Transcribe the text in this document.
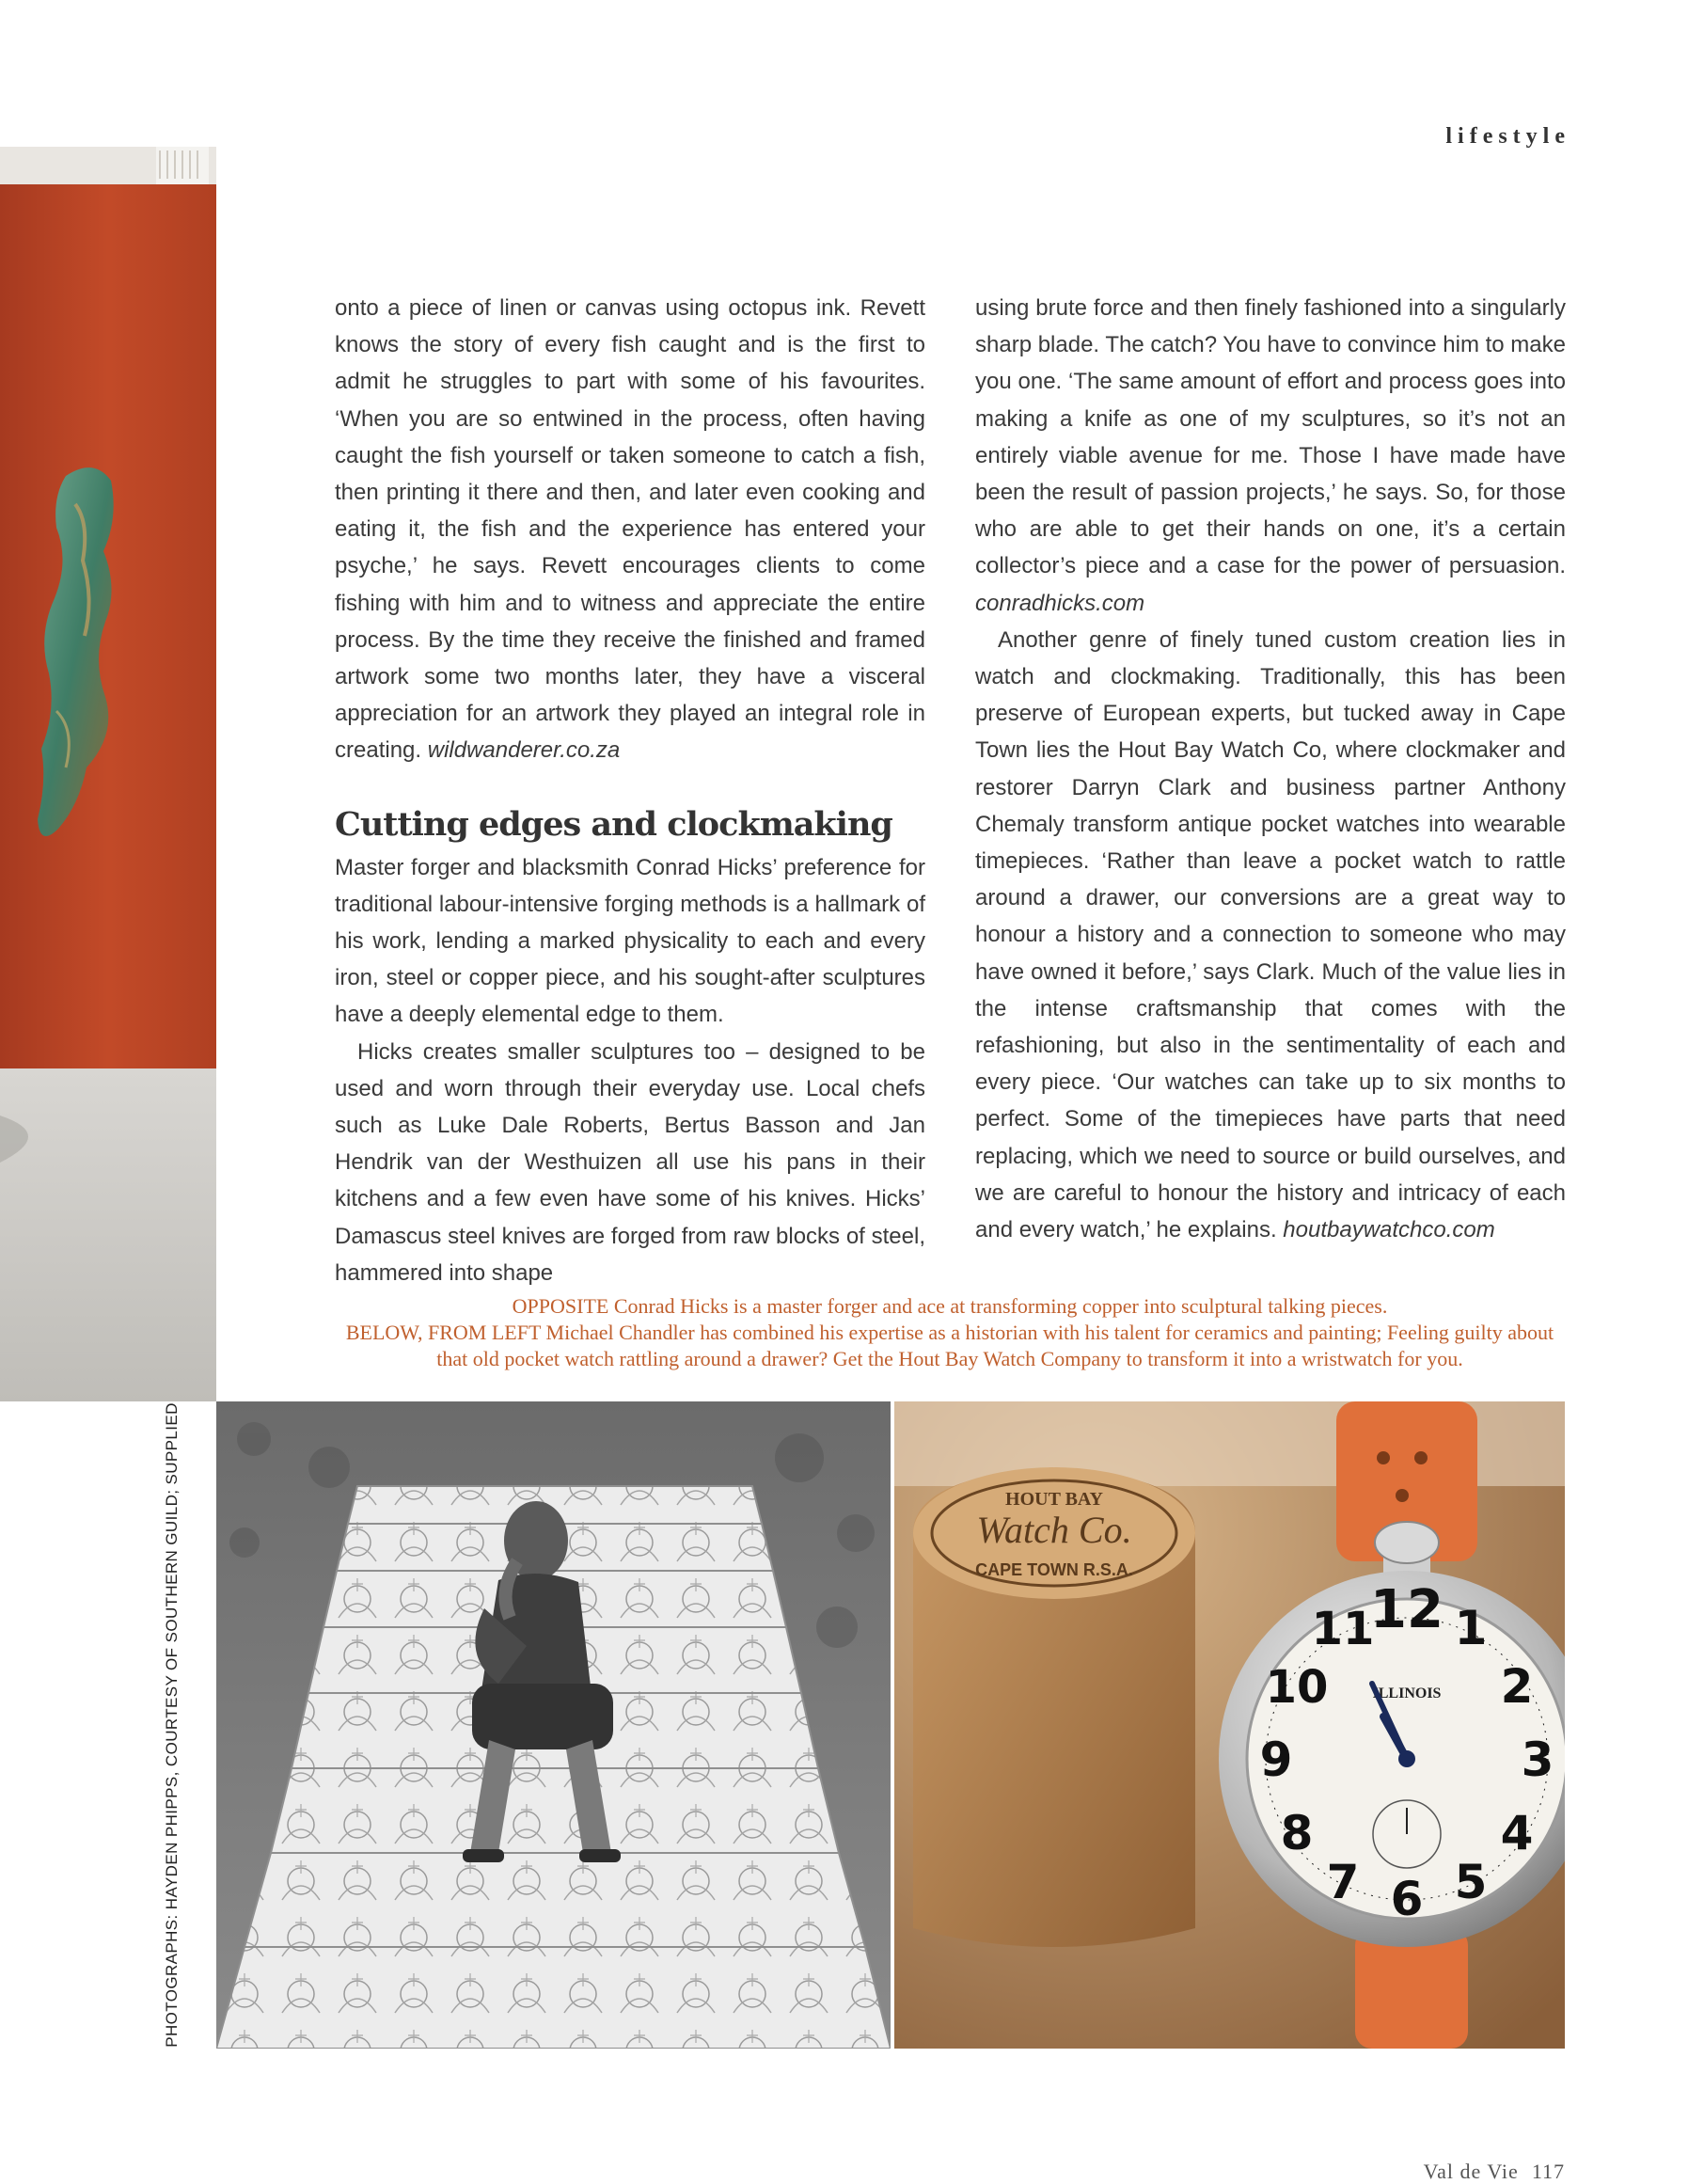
lifestyle

onto a piece of linen or canvas using octopus ink. Revett knows the story of every fish caught and is the first to admit he struggles to part with some of his favourites. ‘When you are so entwined in the process, often having caught the fish yourself or taken someone to catch a fish, then printing it there and then, and later even cooking and eating it, the fish and the experience has entered your psyche,’ he says. Revett encourages clients to come fishing with him and to witness and appreciate the entire process. By the time they receive the finished and framed artwork some two months later, they have a visceral appreciation for an artwork they played an integral role in creating. wildwanderer.co.za

Cutting edges and clockmaking

Master forger and blacksmith Conrad Hicks’ preference for traditional labour-intensive forging methods is a hallmark of his work, lending a marked physicality to each and every iron, steel or copper piece, and his sought-after sculptures have a deeply elemental edge to them.

Hicks creates smaller sculptures too – designed to be used and worn through their everyday use. Local chefs such as Luke Dale Roberts, Bertus Basson and Jan Hendrik van der Westhuizen all use his pans in their kitchens and a few even have some of his knives. Hicks’ Damascus steel knives are forged from raw blocks of steel, hammered into shape

using brute force and then finely fashioned into a singularly sharp blade. The catch? You have to convince him to make you one. ‘The same amount of effort and process goes into making a knife as one of my sculptures, so it’s not an entirely viable avenue for me. Those I have made have been the result of passion projects,’ he says. So, for those who are able to get their hands on one, it’s a certain collector’s piece and a case for the power of persuasion. conradhicks.com

Another genre of finely tuned custom creation lies in watch and clockmaking. Traditionally, this has been preserve of European experts, but tucked away in Cape Town lies the Hout Bay Watch Co, where clockmaker and restorer Darryn Clark and business partner Anthony Chemaly transform antique pocket watches into wearable timepieces. ‘Rather than leave a pocket watch to rattle around a drawer, our conversions are a great way to honour a history and a connection to someone who may have owned it before,’ says Clark. Much of the value lies in the intense craftsmanship that comes with the refashioning, but also in the sentimentality of each and every piece. ‘Our watches can take up to six months to perfect. Some of the timepieces have parts that need replacing, which we need to source or build ourselves, and we are careful to honour the history and intricacy of each and every watch,’ he explains. houtbaywatchco.com

OPPOSITE Conrad Hicks is a master forger and ace at transforming copper into sculptural talking pieces.

BELOW, FROM LEFT Michael Chandler has combined his expertise as a historian with his talent for ceramics and painting; Feeling guilty about that old pocket watch rattling around a drawer? Get the Hout Bay Watch Company to transform it into a wristwatch for you.

PHOTOGRAPHS: HAYDEN PHIPPS, COURTESY OF SOUTHERN GUILD; SUPPLIED	HOUT BAY
Watch Co.
CAPE TOWN R.S.A.
12 1
2
3
4
5
6
7
8
9
10
11
ILLINOIS
Val de Vie 117
